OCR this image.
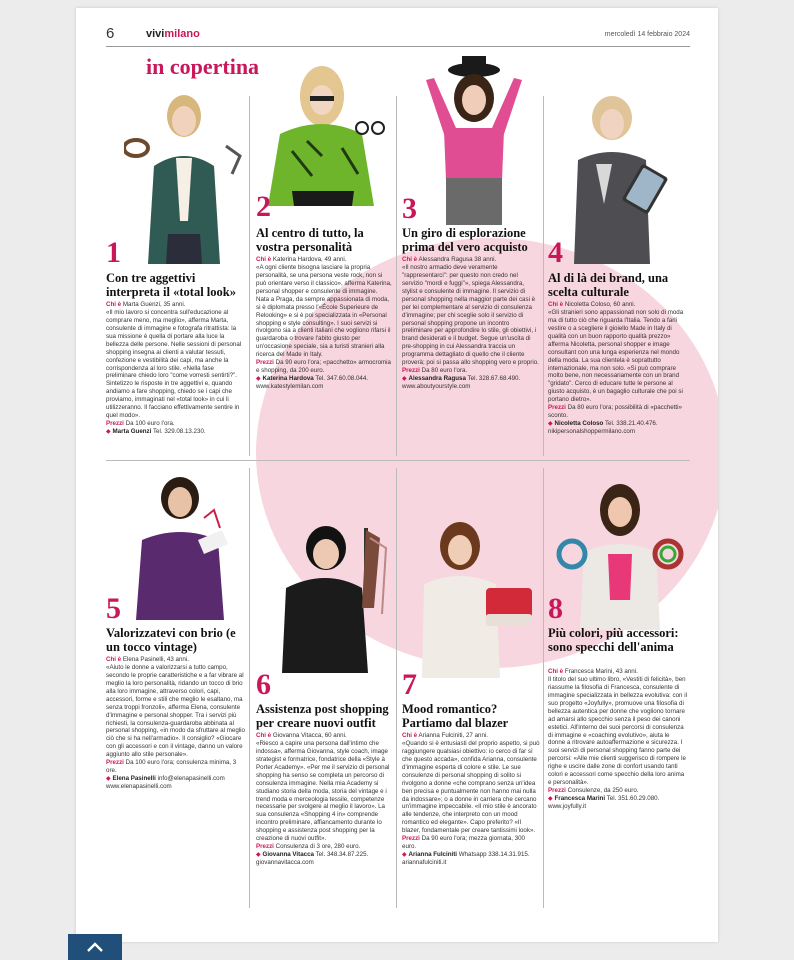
6	vivimilano	mercoledì 14 febbraio 2024
in copertina
1
2	3
4
5
6	7
8
Con tre aggettivi interpreta il «total look»

Chi è Marta Guenzi, 35 anni.

«Il mio lavoro si concentra sull'educazione al comprare meno, ma meglio», afferma Marta, consulente di immagine e fotografa ritrattista: la sua missione è quella di portare alla luce la bellezza delle persone. Nelle sessioni di personal shopping insegna ai clienti a valutar tessuti, confezione e vestibilità dei capi, ma anche la corrispondenza al loro stile. «Nella fase preliminare chiedo loro "come vorresti sentirti?". Sintetizzo le risposte in tre aggettivi e, quando andiamo a fare shopping, chiedo se i capi che proviamo, immaginati nel «total look» in cui li utilizzeranno. Il facciano effettivamente sentire in quel modo».

Prezzi Da 100 euro l'ora.

◆ Marta Guenzi Tel. 329.08.13.230.

Al centro di tutto, la vostra personalità

Chi è Katerina Hardova, 49 anni.

«A ogni cliente bisogna lasciare la propria personalità, se una persona veste rock, non si può orientare verso il classico», afferma Katerina, personal shopper e consulente di immagine. Nata a Praga, da sempre appassionata di moda, si è diplomata presso l'«École Superieure de Relooking» e si è poi specializzata in «Personal shopping e style consulting». I suoi servizi si rivolgono sia a clienti italiani che vogliono rifarsi il guardaroba o trovare l'abito giusto per un'occasione speciale, sia a turisti stranieri alla ricerca del Made in Italy.

Prezzi Da 90 euro l'ora; «pacchetto» armocromia e shopping, da 200 euro.

◆ Katerina Hardova Tel. 347.60.08.044.

www.katestylemilan.com

Un giro di esplorazione prima del vero acquisto

Chi è Alessandra Ragusa 38 anni.

«Il nostro armadio deve veramente "rappresentarci": per questo non credo nel servizio "mordi e fuggi"», spiega Alessandra, stylist e consulente di immagine. Il servizio di personal shopping nella maggior parte dei casi è per lei complementare al servizio di consulenza d'immagine; per chi sceglie solo il servizio di personal shopping propone un incontro preliminare per approfondire lo stile, gli obiettivi, i brand desiderati e il budget. Segue un'uscita di pre-shopping in cui Alessandra traccia un programma dettagliato di quello che il cliente proverà; poi si passa allo shopping vero e proprio.

Prezzi Da 80 euro l'ora.

◆ Alessandra Ragusa Tel. 328.67.68.490.

www.aboutyourstyle.com

Al di là dei brand, una scelta culturale

Chi è Nicoletta Coloso, 60 anni.

«Gli stranieri sono appassionati non solo di moda ma di tutto ciò che riguarda l'Italia. Tendo a farli vestire o a scegliere il gioiello Made in Italy di qualità con un buon rapporto qualità prezzo» afferma Nicoletta, personal shopper e image consultant con una lunga esperienza nel mondo della moda. La sua clientela è soprattutto internazionale, ma non solo. «Si può comprare molto bene, non necessariamente con un brand "gridato". Cerco di educare tutte le persone al giusto acquisto, è un bagaglio culturale che poi si portano dietro».

Prezzi Da 80 euro l'ora; possibilità di «pacchetti» sconto.

◆ Nicoletta Coloso Tel. 338.21.40.476.

nikipersonalshoppermilano.com

Valorizzatevi con brio (e un tocco vintage)

Chi è Elena Pasinelli, 43 anni.

«Aiuto le donne a valorizzarsi a tutto campo, secondo le proprie caratteristiche e a far vibrare al meglio la loro personalità, ridando un tocco di brio alla loro immagine, attraverso colori, capi, accessori, forme e stili che meglio le esaltano, ma senza troppi fronzoli», afferma Elena, consulente d'immagine e personal shopper. Tra i servizi più richiesti, la consulenza-guardaroba abbinata al personal shopping, «in modo da sfruttare al meglio ciò che si ha nell'armadio». Il consiglio? «Giocare con gli accessori e con il vintage, danno un valore aggiunto allo stile personale».

Prezzi Da 100 euro l'ora; consulenza minima, 3 ore.

◆ Elena Pasinelli info@elenapasinelli.com

www.elenapasinelli.com

Assistenza post shopping per creare nuovi outfit

Chi è Giovanna Vitacca, 60 anni.

«Riesco a capire una persona dall'intimo che indossa», afferma Giovanna, style coach, image strategist e formatrice, fondatrice della «Style à Porter Academy». «Per me il servizio di personal shopping ha senso se completa un percorso di consulenza immagine. Nella mia Academy si studiano storia della moda, storia del vintage e i trend moda e merceologia tessile, competenze necessarie per svolgere al meglio il lavoro». La sua consulenza «Shopping 4 in» comprende incontro preliminare, affiancamento durante lo shopping e assistenza post shopping per la creazione di nuovi outfit».

Prezzi Consulenza di 3 ore, 280 euro.

◆ Giovanna Vitacca Tel. 348.34.87.225.

giovannavitacca.com

Mood romantico? Partiamo dal blazer

Chi è Arianna Fulciniti, 27 anni.

«Quando si è entusiasti del proprio aspetto, si può raggiungere qualsiasi obiettivo: io cerco di far sì che questo accada», confida Arianna, consulente d'immagine esperta di colore e stile. Le sue consulenze di personal shopping di solito si rivolgono a donne «che comprano senza un'idea ben precisa e puntualmente non hanno mai nulla da indossare»; o a donne in carriera che cercano un'immagine impeccabile. «Il mio stile è ancorato alle tendenze, che interpreto con un mood romantico ed elegante». Capo preferito? «Il blazer, fondamentale per creare tantissimi look».

Prezzi Da 90 euro l'ora; mezza giornata, 300 euro.

◆ Arianna Fulciniti Whatsapp 338.14.31.915.

ariannafulciniti.it

Più colori, più accessori: sono specchi dell'anima

Chi è Francesca Marini, 43 anni.

Il titolo del suo ultimo libro, «Vestiti di felicità», ben riassume la filosofia di Francesca, consulente di immagine specializzata in bellezza evolutiva: con il suo progetto «Joyfully», promuove una filosofia di bellezza autentica per donne che vogliono tornare ad amarsi allo specchio senza il peso dei canoni estetici. All'interno dei suoi percorsi di consulenza di immagine e «coaching evolutivo», aiuta le donne a ritrovare autoaffermazione e sicurezza. I suoi servizi di personal shopping fanno parte dei percorsi: «Alle mie clienti suggerisco di rompere le righe e uscire dalle zone di confort usando tanti colori e accessori come specchio della loro anima e personalità».

Prezzi Consulenze, da 250 euro.

◆ Francesca Marini Tel. 351.60.29.080.

www.joyfully.it
